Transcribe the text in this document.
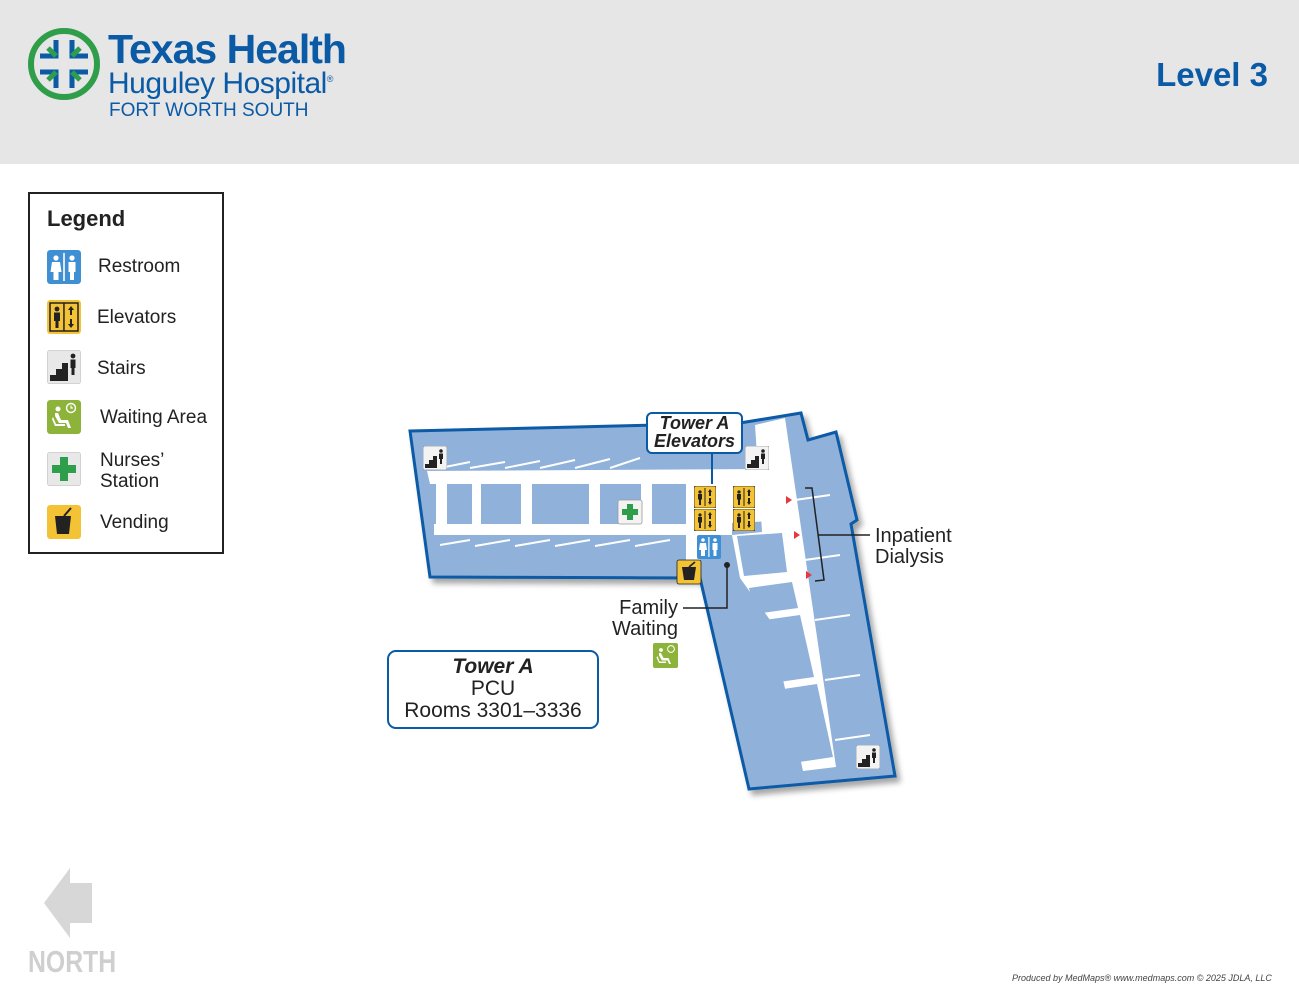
Texas Health
Huguley Hospital®
FORT WORTH SOUTH
Level 3
Legend
Restroom
Elevators
Stairs
Waiting Area
Nurses’
Station
Vending
Tower A
Elevators
Inpatient
Dialysis
Family
Waiting
Tower A
PCU
Rooms 3301–3336
NORTH	Produced by MedMaps® www.medmaps.com © 2025 JDLA, LLC
